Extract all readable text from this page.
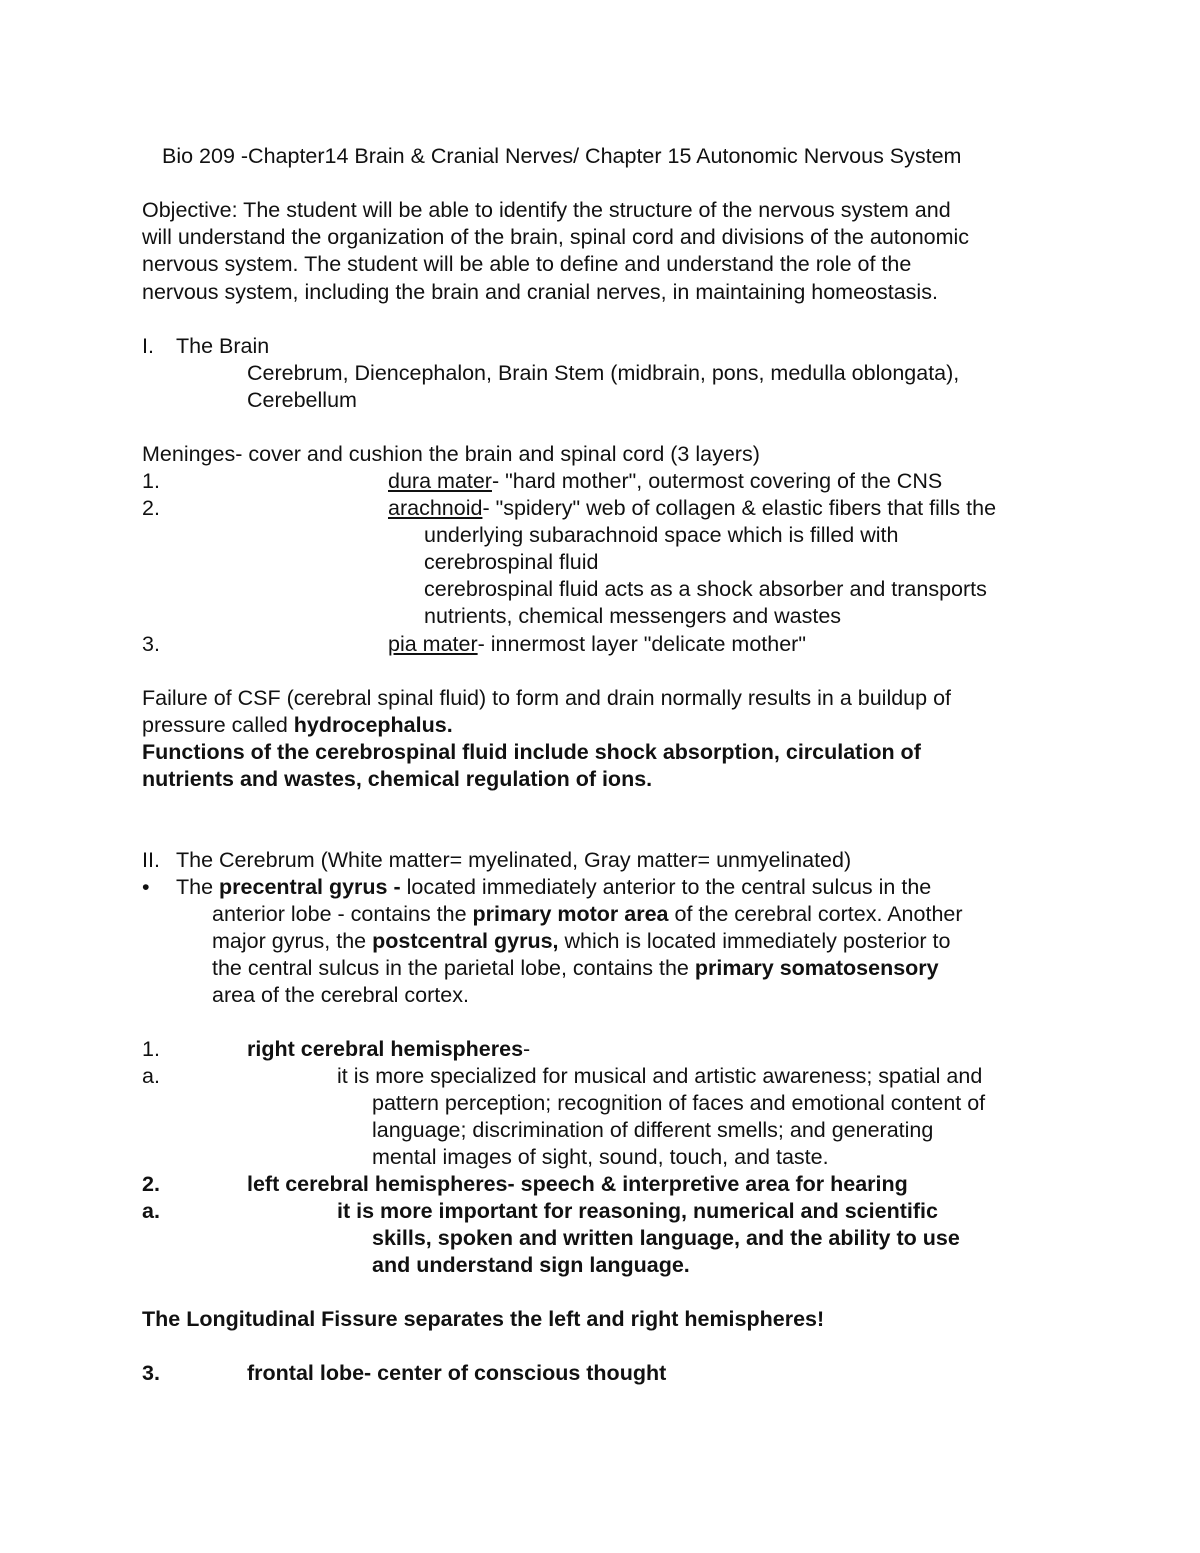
Bio 209 -Chapter14 Brain & Cranial Nerves/ Chapter 15 Autonomic Nervous System
Objective: The student will be able to identify the structure of the nervous system and
will understand the organization of the brain, spinal cord and divisions of the autonomic
nervous system. The student will be able to define and understand the role of the
nervous system, including the brain and cranial nerves, in maintaining homeostasis.
I. The Brain
Cerebrum, Diencephalon, Brain Stem (midbrain, pons, medulla oblongata),
Cerebellum
Meninges- cover and cushion the brain and spinal cord (3 layers)
1.	dura mater- "hard mother", outermost covering of the CNS
2.	arachnoid- "spidery" web of collagen & elastic fibers that fills the
underlying subarachnoid space which is filled with
cerebrospinal fluid
cerebrospinal fluid acts as a shock absorber and transports
nutrients, chemical messengers and wastes
3.	pia mater- innermost layer "delicate mother"
Failure of CSF (cerebral spinal fluid) to form and drain normally results in a buildup of
pressure called hydrocephalus.
Functions of the cerebrospinal fluid include shock absorption, circulation of
nutrients and wastes, chemical regulation of ions.
II. The Cerebrum (White matter= myelinated, Gray matter= unmyelinated)
• The precentral gyrus - located immediately anterior to the central sulcus in the
anterior lobe - contains the primary motor area of the cerebral cortex. Another
major gyrus, the postcentral gyrus, which is located immediately posterior to
the central sulcus in the parietal lobe, contains the primary somatosensory
area of the cerebral cortex.
1.	right cerebral hemispheres-
a.	it is more specialized for musical and artistic awareness; spatial and
pattern perception; recognition of faces and emotional content of
language; discrimination of different smells; and generating
mental images of sight, sound, touch, and taste.
2.	left cerebral hemispheres- speech & interpretive area for hearing
a.	it is more important for reasoning, numerical and scientific
skills, spoken and written language, and the ability to use
and understand sign language.
The Longitudinal Fissure separates the left and right hemispheres!
3.	frontal lobe- center of conscious thought
